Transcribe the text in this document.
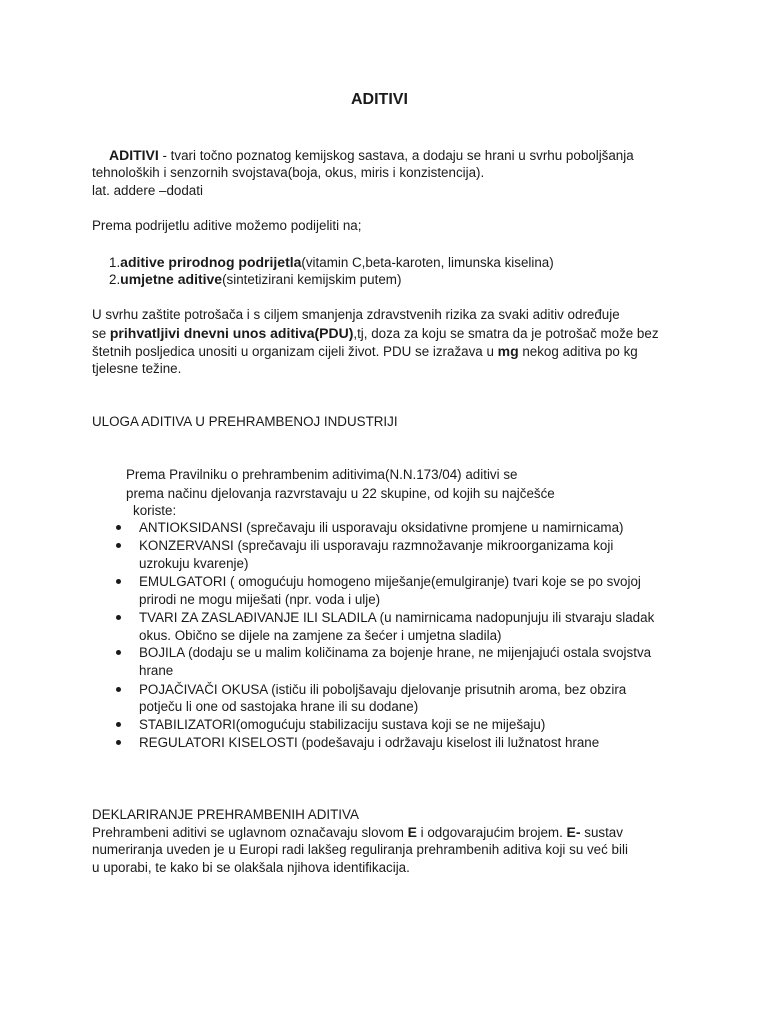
ADITIVI
ADITIVI - tvari točno poznatog kemijskog sastava, a dodaju se hrani u svrhu poboljšanja
tehnoloških i senzornih svojstava(boja, okus, miris i konzistencija).
lat. addere –dodati
Prema podrijetlu aditive možemo podijeliti na;
1.aditive prirodnog podrijetla(vitamin C,beta-karoten, limunska kiselina)
2.umjetne aditive(sintetizirani kemijskim putem)
U svrhu zaštite potrošača i s ciljem smanjenja zdravstvenih rizika za svaki aditiv određuje
se prihvatljivi dnevni unos aditiva(PDU),tj, doza za koju se smatra da je potrošač može bez
štetnih posljedica unositi u organizam cijeli život. PDU se izražava u mg nekog aditiva po kg
tjelesne težine.
ULOGA ADITIVA U PREHRAMBENOJ INDUSTRIJI
Prema Pravilniku o prehrambenim aditivima(N.N.173/04) aditivi se
prema načinu djelovanja razvrstavaju u 22 skupine, od kojih su najčešće
koriste:
ANTIOKSIDANSI (sprečavaju ili usporavaju oksidativne promjene u namirnicama)
KONZERVANSI (sprečavaju ili usporavaju razmnožavanje mikroorganizama koji
uzrokuju kvarenje)
EMULGATORI ( omogućuju homogeno miješanje(emulgiranje) tvari koje se po svojoj
prirodi ne mogu miješati (npr. voda i ulje)
TVARI ZA ZASLAĐIVANJE ILI SLADILA (u namirnicama nadopunjuju ili stvaraju sladak
okus. Obično se dijele na zamjene za šećer i umjetna sladila)
BOJILA (dodaju se u malim količinama za bojenje hrane, ne mijenjajući ostala svojstva
hrane
POJAČIVAČI OKUSA (ističu ili poboljšavaju djelovanje prisutnih aroma, bez obzira
potječu li one od sastojaka hrane ili su dodane)
STABILIZATORI(omogućuju stabilizaciju sustava koji se ne miješaju)
REGULATORI KISELOSTI (podešavaju i održavaju kiselost ili lužnatost hrane
DEKLARIRANJE PREHRAMBENIH ADITIVA
Prehrambeni aditivi se uglavnom označavaju slovom E i odgovarajućim brojem. E- sustav
numeriranja uveden je u Europi radi lakšeg reguliranja prehrambenih aditiva koji su već bili
u uporabi, te kako bi se olakšala njihova identifikacija.
